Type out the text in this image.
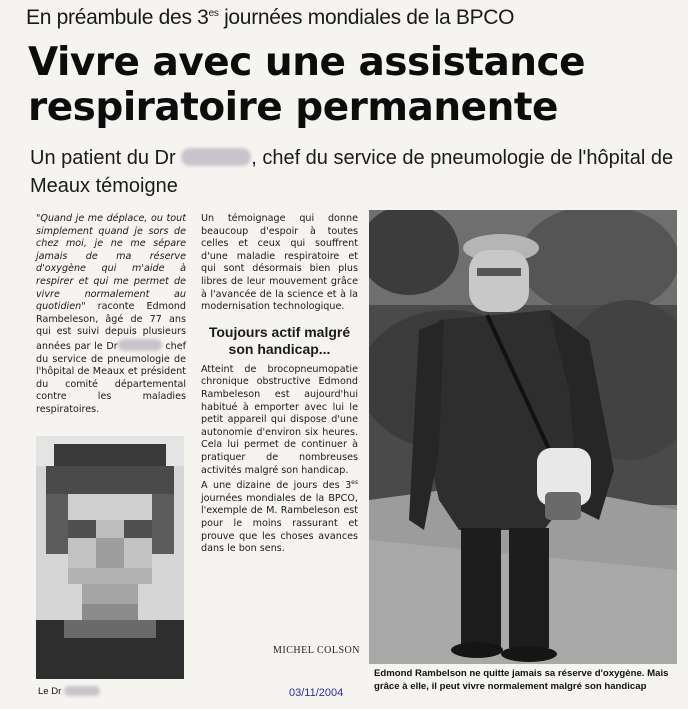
En préambule des $3^{es}$ journées mondiales de la BPCO
Vivre avec une assistance respiratoire permanente
Un patient du Dr	, chef du service de pneumologie de l'hôpital de Meaux témoigne

"Quand je me déplace, ou tout simplement quand je sors de chez moi, je ne me sépare jamais de ma réserve d'oxygène qui m'aide à respirer et qui me permet de vivre normalement au quotidien" raconte Edmond Rambeleson, âgé de 77 ans qui est suivi depuis plusieurs années par le Dr	chef du service de pneumologie de l'hôpital de Meaux et président du comité départemental contre les maladies respiratoires.

Un témoignage qui donne beaucoup d'espoir à toutes celles et ceux qui souffrent d'une maladie respiratoire et qui sont désormais bien plus libres de leur mouvement grâce à l'avancée de la science et à la modernisation technologique.

Toujours actif malgré son handicap...

Atteint de brocopneumopatie chronique obstructive Edmond Rambeleson est aujourd'hui habitué à emporter avec lui le petit appareil qui dispose d'une autonomie d'environ six heures. Cela lui permet de continuer à pratiquer de nombreuses activités malgré son handicap.

A une dizaine de jours des $3^{es}$ journées mondiales de la BPCO, l'exemple de M. Rambeleson est pour le moins rassurant et prouve que les choses avances dans le bon sens.

MICHEL COLSON
Le Dr
Edmond Rambelson ne quitte jamais sa réserve d'oxygène. Mais grâce à elle, il peut vivre normalement malgré son handicap
03/11/2004
